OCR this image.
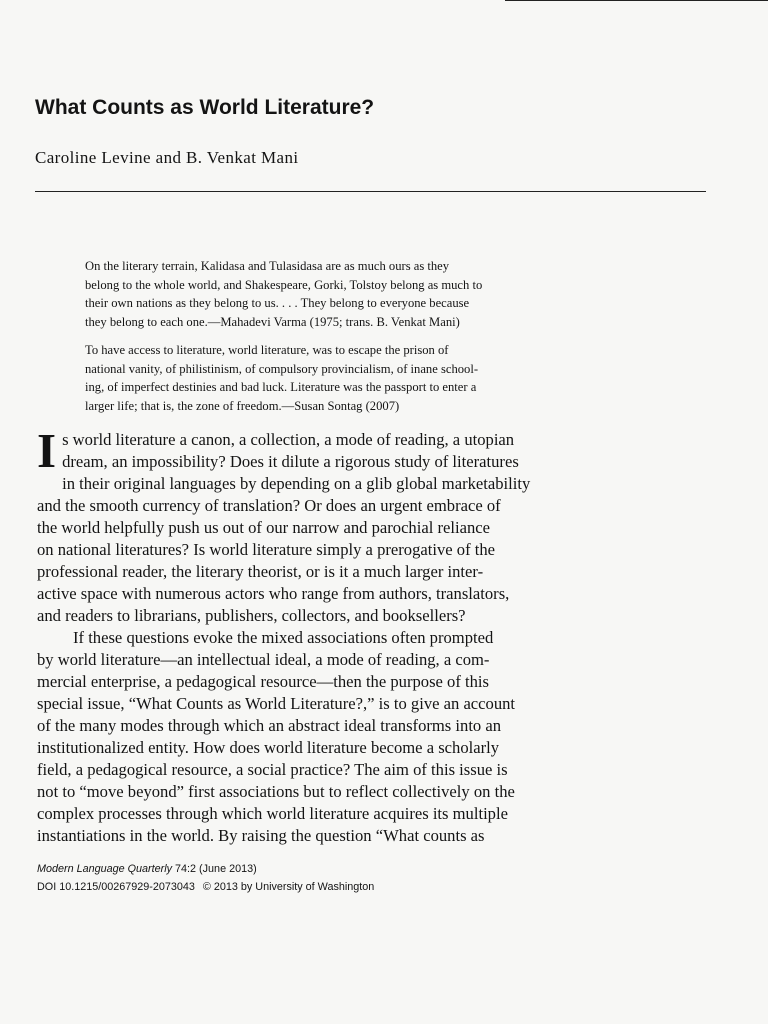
What Counts as World Literature?
Caroline Levine and B. Venkat Mani
On the literary terrain, Kalidasa and Tulasidasa are as much ours as they
belong to the whole world, and Shakespeare, Gorki, Tolstoy belong as much to
their own nations as they belong to us. . . . They belong to everyone because
they belong to each one.—Mahadevi Varma (1975; trans. B. Venkat Mani)
To have access to literature, world literature, was to escape the prison of
national vanity, of philistinism, of compulsory provincialism, of inane school-
ing, of imperfect destinies and bad luck. Literature was the passport to enter a
larger life; that is, the zone of freedom.—Susan Sontag (2007)
I s world literature a canon, a collection, a mode of reading, a utopian
dream, an impossibility? Does it dilute a rigorous study of literatures
in their original languages by depending on a glib global marketability
and the smooth currency of translation? Or does an urgent embrace of
the world helpfully push us out of our narrow and parochial reliance
on national literatures? Is world literature simply a prerogative of the
professional reader, the literary theorist, or is it a much larger inter-
active space with numerous actors who range from authors, translators,
and readers to librarians, publishers, collectors, and booksellers?
If these questions evoke the mixed associations often prompted
by world literature—an intellectual ideal, a mode of reading, a com-
mercial enterprise, a pedagogical resource—then the purpose of this
special issue, “What Counts as World Literature?,” is to give an account
of the many modes through which an abstract ideal transforms into an
institutionalized entity. How does world literature become a scholarly
field, a pedagogical resource, a social practice? The aim of this issue is
not to “move beyond” first associations but to reflect collectively on the
complex processes through which world literature acquires its multiple
instantiations in the world. By raising the question “What counts as
Modern Language Quarterly 74:2 (June 2013)
DOI 10.1215/00267929-2073043 © 2013 by University of Washington
